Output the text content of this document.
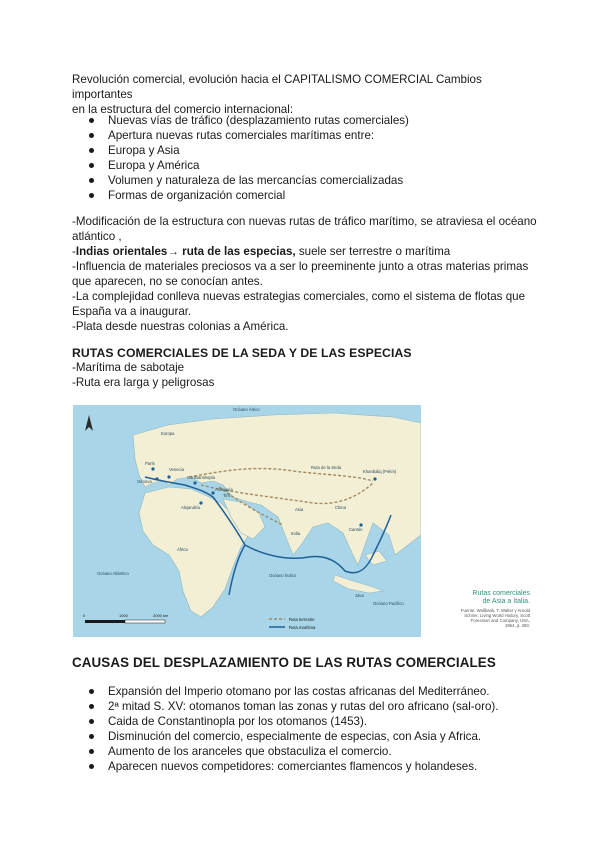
Revolución comercial, evolución hacia el CAPITALISMO COMERCIAL Cambios importantes
en la estructura del comercio internacional:
Nuevas vías de tráfico (desplazamiento rutas comerciales)
Apertura nuevas rutas comerciales marítimas entre:
Europa y Asia
Europa y América
Volumen y naturaleza de las mercancías comercializadas
Formas de organización comercial
-Modificación de la estructura con nuevas rutas de tráfico marítimo, se atraviesa el océano
atlántico ,
-Indias orientales→ ruta de las especias, suele ser terrestre o marítima
-Influencia de materiales preciosos va a ser lo preeminente junto a otras materias primas
que aparecen, no se conocían antes.
-La complejidad conlleva nuevas estrategias comerciales, como el sistema de flotas que
España va a inaugurar.
-Plata desde nuestras colonias a América.
RUTAS COMERCIALES DE LA SEDA Y DE LAS ESPECIAS
-Marítima de sabotaje
-Ruta era larga y peligrosas
Océano Ártico
Europa
París
Venecia
Génova
Constantinopla
Ruta de la Seda
Antioquía
Alejandría
Tiro
Asia
India
China
Khanbaliq (Pekín)
Cantón
África
Océano Atlántico	Océano Índico
Océano Pacífico
Java
0	1000	2000 km
Ruta terrestre
Ruta marítima
Rutas comerciales
de Asia a Italia.
Fuente: Wallbank, T. Walter y Arnold
Schrier, Living World History, Scott
Foresman and Company, USA,
1964, p. 283.
CAUSAS DEL DESPLAZAMIENTO DE LAS RUTAS COMERCIALES
Expansión del Imperio otomano por las costas africanas del Mediterráneo.
2ª mitad S. XV: otomanos toman las zonas y rutas del oro africano (sal-oro).
Caida de Constantinopla por los otomanos (1453).
Disminución del comercio, especialmente de especias, con Asia y Africa.
Aumento de los aranceles que obstaculiza el comercio.
Aparecen nuevos competidores: comerciantes flamencos y holandeses.
